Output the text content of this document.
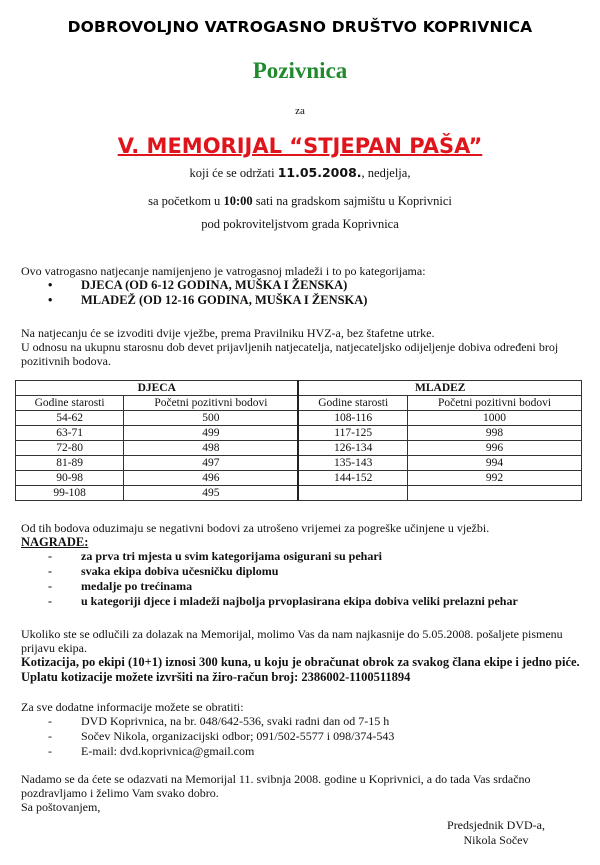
DOBROVOLJNO VATROGASNO DRUŠTVO KOPRIVNICA
Pozivnica
za
V. MEMORIJAL “STJEPAN PAŠA”
koji će se održati 11.05.2008., nedjelja,
sa početkom u 10:00 sati na gradskom sajmištu u Koprivnici
pod pokroviteljstvom grada Koprivnica
Ovo vatrogasno natjecanje namijenjeno je vatrogasnoj mladeži i to po kategorijama:
• DJECA (OD 6-12 GODINA, MUŠKA I ŽENSKA)
• MLADEŽ (OD 12-16 GODINA, MUŠKA I ŽENSKA)
Na natjecanju će se izvoditi dvije vježbe, prema Pravilniku HVZ-a, bez štafetne utrke.
U odnosu na ukupnu starosnu dob devet prijavljenih natjecatelja, natjecateljsko odijeljenje dobiva određeni broj pozitivnih bodova.
DJECA		MLADEZ	
Godine starosti	Početni pozitivni bodovi	Godine starosti	Početni pozitivni bodovi
54-62	500	108-116	1000
63-71	499	117-125	998
72-80	498	126-134	996
81-89	497	135-143	994
90-98	496	144-152	992
99-108	495		
Od tih bodova oduzimaju se negativni bodovi za utrošeno vrijemei za pogreške učinjene u vježbi.
NAGRADE:
- za prva tri mjesta u svim kategorijama osigurani su pehari
- svaka ekipa dobiva učesničku diplomu
- medalje po trećinama
- u kategoriji djece i mladeži najbolja prvoplasirana ekipa dobiva veliki prelazni pehar
Ukoliko ste se odlučili za dolazak na Memorijal, molimo Vas da nam najkasnije do 5.05.2008. pošaljete pismenu prijavu ekipa.
Kotizacija, po ekipi (10+1) iznosi 300 kuna, u koju je obračunat obrok za svakog člana ekipe i jedno piće. Uplatu kotizacije možete izvršiti na žiro-račun broj: 2386002-1100511894
Za sve dodatne informacije možete se obratiti:
- DVD Koprivnica, na br. 048/642-536, svaki radni dan od 7-15 h
- Sočev Nikola, organizacijski odbor; 091/502-5577 i 098/374-543
- E-mail: dvd.koprivnica@gmail.com
Nadamo se da ćete se odazvati na Memorijal 11. svibnja 2008. godine u Koprivnici, a do tada Vas srdačno pozdravljamo i želimo Vam svako dobro.
Sa poštovanjem,
Predsjednik DVD-a,
Nikola Sočev
